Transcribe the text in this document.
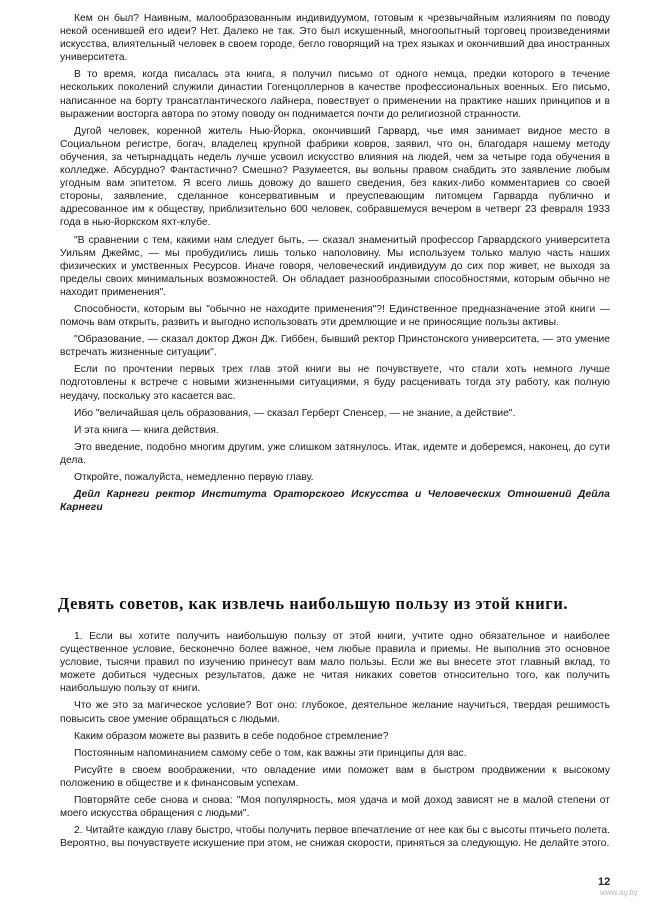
Кем он был? Наивным, малообразованным индивидуумом, готовым к чрезвычайным излияниям по поводу некой осенившей его идеи? Нет. Далеко не так. Это был искушенный, многоопытный торговец произведениями искусства, влиятельный человек в своем городе, бегло говорящий на трех языках и окончивший два иностранных университета.

В то время, когда писалась эта книга, я получил письмо от одного немца, предки которого в течение нескольких поколений служили династии Гогенцоллернов в качестве профессиональных военных. Его письмо, написанное на борту трансатлантического лайнера, повествует о применении на практике наших принципов и в выражении восторга автора по этому поводу он поднимается почти до религиозной странности.

Дугой человек, коренной житель Нью-Йорка, окончивший Гарвард, чье имя занимает видное место в Социальном регистре, богач, владелец крупной фабрики ковров, заявил, что он, благодаря нашему методу обучения, за четырнадцать недель лучше усвоил искусство влияния на людей, чем за четыре года обучения в колледже. Абсурдно? Фантастично? Смешно? Разумеется, вы вольны правом снабдить это заявление любым угодным вам эпитетом. Я всего лишь довожу до вашего сведения, без каких-либо комментариев со своей стороны, заявление, сделанное консервативным и преуспевающим питомцем Гарварда публично и адресованное им к обществу, приблизительно 600 человек, собравшемуся вечером в четверг 23 февраля 1933 года в нью-йоркском яхт-клубе.

"В сравнении с тем, какими нам следует быть, — сказал знаменитый профессор Гарвардского университета Уильям Джеймс, — мы пробудились лишь только наполовину. Мы используем только малую часть наших физических и умственных Ресурсов. Иначе говоря, человеческий индивидуум до сих пор живет, не выходя за пределы своих минимальных возможностей. Он обладает разнообразными способностями, которым обычно не находит применения".

Способности, которым вы "обычно не находите применения"?! Единственное предназначение этой книги — помочь вам открыть, развить и выгодно использовать эти дремлющие и не приносящие пользы активы.

"Образование, — сказал доктор Джон Дж. Гиббен, бывший ректор Принстонского университета, — это умение встречать жизненные ситуации".

Если по прочтении первых трех глав этой книги вы не почувствуете, что стали хоть немного лучше подготовлены к встрече с новыми жизненными ситуациями, я буду расценивать тогда эту работу, как полную неудачу, поскольку это касается вас.

Ибо "величайшая цель образования, — сказал Герберт Спенсер, — не знание, а действие".

И эта книга — книга действия.

Это введение, подобно многим другим, уже слишком затянулось. Итак, идемте и доберемся, наконец, до сути дела.

Откройте, пожалуйста, немедленно первую главу.

Дейл Карнеги ректор Института Ораторского Искусства и Человеческих Отношений Дейла Карнеги

Девять советов, как извлечь наибольшую пользу из этой книги.

1. Если вы хотите получить наибольшую пользу от этой книги, учтите одно обязательное и наиболее существенное условие, бесконечно более важное, чем любые правила и приемы. Не выполнив это основное условие, тысячи правил по изучению принесут вам мало пользы. Если же вы внесете этот главный вклад, то можете добиться чудесных результатов, даже не читая никаких советов относительно того, как получить наибольшую пользу от книги.

Что же это за магическое условие? Вот оно: глубокое, деятельное желание научиться, твердая решимость повысить свое умение обращаться с людьми.

Каким образом можете вы развить в себе подобное стремление?

Постоянным напоминанием самому себе о том, как важны эти принципы для вас.

Рисуйте в своем воображении, что овладение ими поможет вам в быстром продвижении к высокому положению в обществе и к финансовым успехам.

Повторяйте себе снова и снова: "Моя популярность, моя удача и мой доход зависят не в малой степени от моего искусства обращения с людьми".

2. Читайте каждую главу быстро, чтобы получить первое впечатление от нее как бы с высоты птичьего полета. Вероятно, вы почувствуете искушение при этом, не снижая скорости, приняться за следующую. Не делайте этого.

12

www.ay.by
